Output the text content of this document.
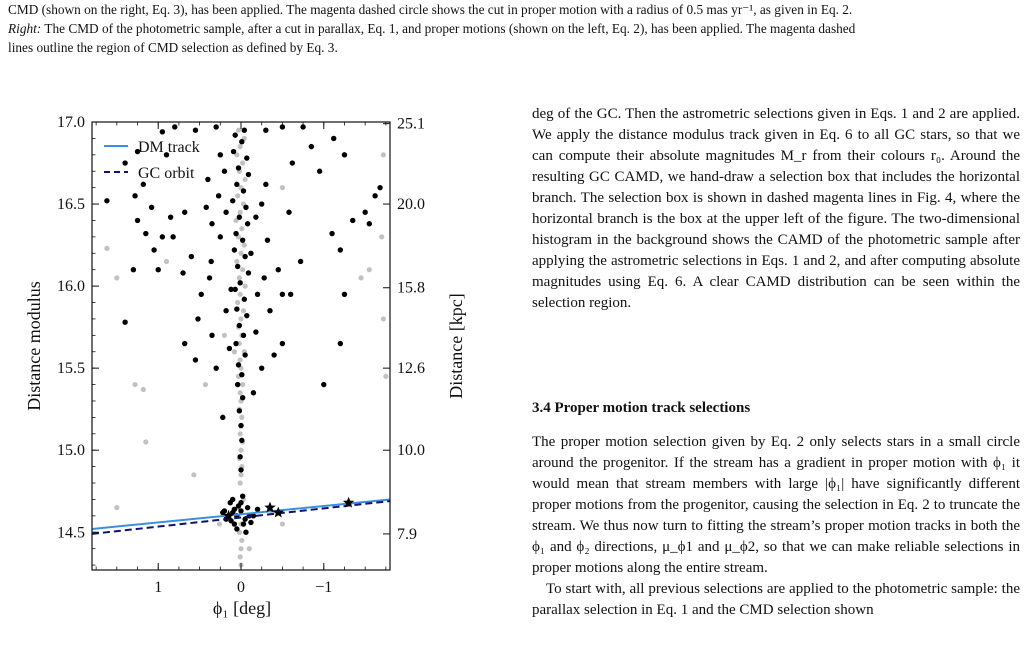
CMD (shown on the right, Eq. 3), has been applied. The magenta dashed circle shows the cut in proper motion with a radius of 0.5 mas yr⁻¹, as given in Eq. 2.

Right: The CMD of the photometric sample, after a cut in parallax, Eq. 1, and proper motions (shown on the left, Eq. 2), has been applied. The magenta dashed

lines outline the region of CMD selection as defined by Eq. 3.

1	0	−1
14.5
15.0
15.5
16.0
16.5
17.0
7.9
10.0
12.6
15.8
20.0
25.1
DM track
GC orbit
ϕ₁ [deg]
Distance modulus	Distance [kpc]

deg of the GC. Then the astrometric selections given in Eqs. 1 and 2 are applied. We apply the distance modulus track given in Eq. 6 to all GC stars, so that we can compute their absolute magnitudes M_r from their colours r₀. Around the resulting GC CAMD, we hand-draw a selection box that includes the horizontal branch. The selection box is shown in dashed magenta lines in Fig. 4, where the horizontal branch is the box at the upper left of the figure. The two-dimensional histogram in the background shows the CAMD of the photometric sample after applying the astrometric selections in Eqs. 1 and 2, and after computing absolute magnitudes using Eq. 6. A clear CAMD distribution can be seen within the selection region.

3.4 Proper motion track selections

The proper motion selection given by Eq. 2 only selects stars in a small circle around the progenitor. If the stream has a gradient in proper motion with ϕ₁ it would mean that stream members with large |ϕ₁| have significantly different proper motions from the progenitor, causing the selection in Eq. 2 to truncate the stream. We thus now turn to fitting the stream’s proper motion tracks in both the ϕ₁ and ϕ₂ directions, μ_ϕ1 and μ_ϕ2, so that we can make reliable selections in proper motions along the entire stream.

To start with, all previous selections are applied to the photometric sample: the parallax selection in Eq. 1 and the CMD selection shown
